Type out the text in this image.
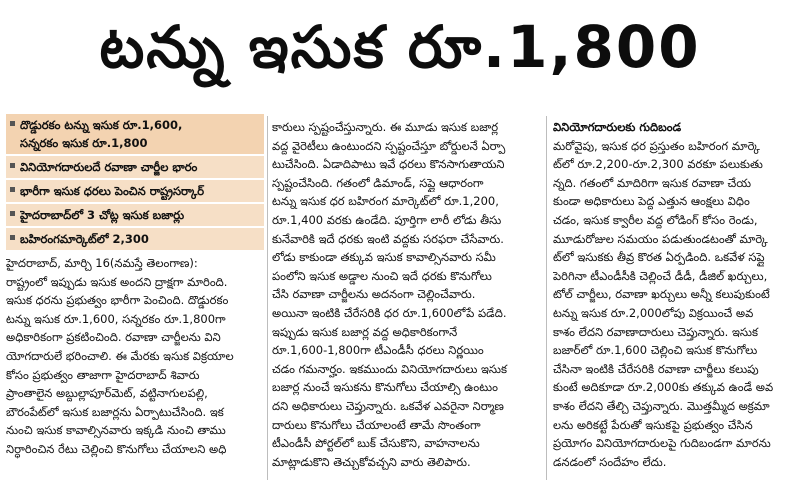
టన్ను ఇసుక రూ.1,800

దొడ్డురకం టన్ను ఇసుక రూ.1,600,

సన్నరకం ఇసుక రూ.1,800

వినియోగదారులదే రవాణా చార్జీల భారం

భారీగా ఇసుక ధరలు పెంచిన రాష్ట్రసర్కార్

హైదరాబాద్‌లో 3 చోట్ల ఇసుక బజార్లు

బహిరంగమార్కెట్‌లో 2,300

హైదరాబాద్, మార్చి 16(నమస్తే తెలంగాణ):

రాష్ట్రంలో ఇప్పుడు ఇసుక అందని ద్రాక్షగా మారింది.

ఇసుక ధరను ప్రభుత్వం భారీగా పెంచింది. దొడ్డురకం

టన్ను ఇసుక రూ.1,600, సన్నరకం రూ.1,800గా

అధికారికంగా ప్రకటించింది. రవాణా చార్జీలను విని

యోగదారులే భరించాలి. ఈ మేరకు ఇసుక విక్రయాల

కోసం ప్రభుత్వం తాజాగా హైదరాబాద్ శివారు

ప్రాంతాలైన అబ్దుల్లాపూర్‌మెట్, వట్టినాగులపల్లి,

బౌరంపేట్‌లో ఇసుక బజార్లను ఏర్పాటుచేసింది. ఇక

నుంచి ఇసుక కావాల్సినవారు ఇక్కడి నుంచి తాము

నిర్ధారించిన రేటు చెల్లించి కొనుగోలు చేయాలని అధి

కారులు స్పష్టంచేస్తున్నారు. ఈ మూడు ఇసుక బజార్ల

వద్ద వైరెటీలు ఉంటుందని స్పష్టంచేస్తూ బోర్డులనే ఏర్పా

టుచేసింది. ఏడాదిపాటు ఇవే ధరలు కొనసాగుతాయని

స్పష్టంచేసింది. గతంలో డిమాండ్, సప్లై ఆధారంగా

టన్ను ఇసుక ధర బహిరంగ మార్కెట్‌లో రూ.1,200,

రూ.1,400 వరకు ఉండేది. పూర్తిగా లారీ లోడు తీసు

కునేవారికి ఇదే ధరకు ఇంటి వద్దకు సరఫరా చేసేవారు.

లోడు కాకుండా తక్కువ ఇసుక కావాల్సినవారు సమీ

పంలోని ఇసుక అడ్డాల నుంచి ఇదే ధరకు కొనుగోలు

చేసి రవాణా చార్జీలను అదనంగా చెల్లించేవారు.

అయినా ఇంటికి చేరేసరికి ధర రూ.1,600లోపే పడేది.

ఇప్పుడు ఇసుక బజార్ల వద్ద అధికారికంగానే

రూ.1,600-1,800గా టీఎండీసీ ధరలు నిర్ణయిం

చడం గమనార్హం. ఇకముందు వినియోగదారులు ఇసుక

బజార్ల నుంచే ఇసుకను కొనుగోలు చేయాల్సి ఉంటుం

దని అధికారులు చెప్తున్నారు. ఒకవేళ ఎవరైనా నిర్మాణ

దారులు కొనుగోలు చేయాలంటే తామే సొంతంగా

టీఎండీసీ పోర్టల్‌లో బుక్ చేసుకొని, వాహనాలను

మాట్లాడుకొని తెచ్చుకోవచ్చని వారు తెలిపారు.

వినియోగదారులకు గుదిబండ

మరోవైపు, ఇసుక ధర ప్రస్తుతం బహిరంగ మార్కె

ట్‌లో రూ.2,200-రూ.2,300 వరకూ పలుకుతు

న్నది. గతంలో మాదిరిగా ఇసుక రవాణా చేయ

కుండా అధికారులు పెద్ద ఎత్తున ఆంక్షలు విధిం

చడం, ఇసుక క్వారీల వద్ద లోడింగ్ కోసం రెండు,

మూడురోజుల సమయం పడుతుండటంతో మార్కె

ట్‌లో ఇసుకకు తీవ్ర కొరత ఏర్పడింది. ఒకవేళ సప్లై

పెరిగినా టీఎండీసీకి చెల్లించే డీడీ, డీజిల్ ఖర్చులు,

టోల్ చార్జీలు, రవాణా ఖర్చులు అన్నీ కలుపుకుంటే

టన్ను ఇసుక రూ.2,000లోపు విక్రయించే అవ

కాశం లేదని రవాణాదారులు చెప్తున్నారు. ఇసుక

బజార్‌లో రూ.1,600 చెల్లించి ఇసుక కొనుగోలు

చేసినా ఇంటికి చేరేసరికి రవాణా చార్జీలు కలుపు

కుంటే అదికూడా రూ.2,000కు తక్కువ ఉండే అవ

కాశం లేదని తేల్చి చెప్తున్నారు. మొత్తమ్మీద అక్రమా

లను అరికట్టే పేరుతో ఇసుకపై ప్రభుత్వం చేసిన

ప్రయోగం వినియోగదారులపై గుదిబండగా మారను

డనడంలో సందేహం లేదు.
